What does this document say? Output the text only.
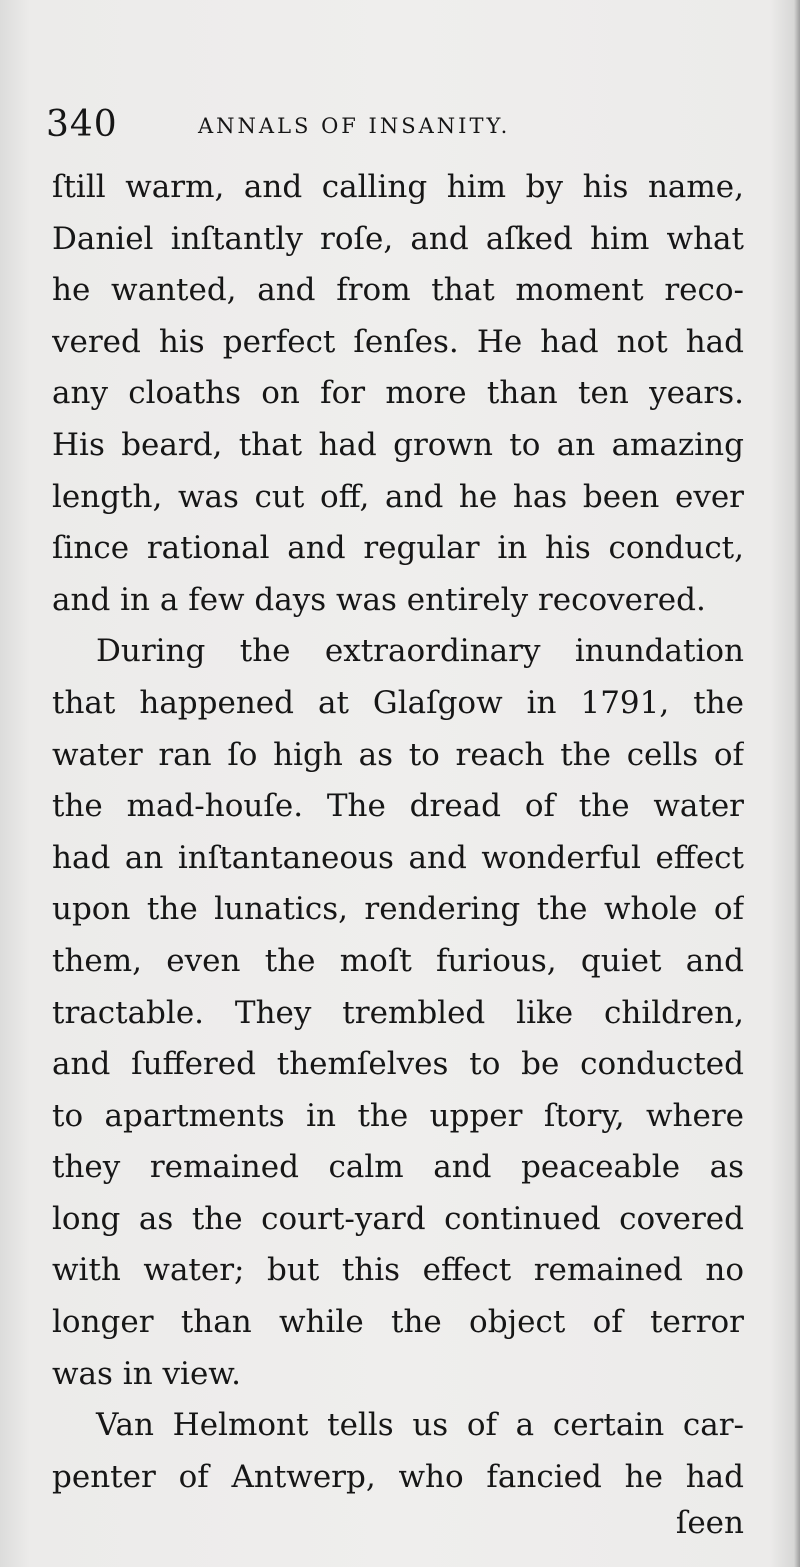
340	ANNALS OF INSANITY.
ſtill warm, and calling him by his name,
Daniel inſtantly roſe, and aſked him what
he wanted, and from that moment reco-
vered his perfect ſenſes. He had not had
any cloaths on for more than ten years.
His beard, that had grown to an amazing
length, was cut off, and he has been ever
ſince rational and regular in his conduct,
and in a few days was entirely recovered.
During the extraordinary inundation
that happened at Glaſgow in 1791, the
water ran ſo high as to reach the cells of
the mad-houſe. The dread of the water
had an inſtantaneous and wonderful effect
upon the lunatics, rendering the whole of
them, even the moſt furious, quiet and
tractable. They trembled like children,
and ſuffered themſelves to be conducted
to apartments in the upper ſtory, where
they remained calm and peaceable as
long as the court-yard continued covered
with water; but this effect remained no
longer than while the object of terror
was in view.
Van Helmont tells us of a certain car-
penter of Antwerp, who fancied he had
ſeen
